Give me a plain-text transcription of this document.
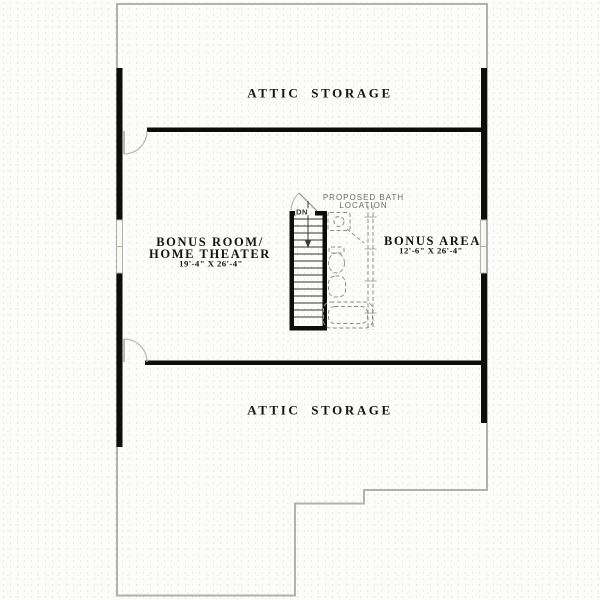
ATTIC STORAGE
BONUS ROOM/
HOME THEATER
19'-4" X 26'-4"
BONUS AREA
12'-6" X 26'-4"
PROPOSED BATH
LOCATION
DN
ATTIC STORAGE
